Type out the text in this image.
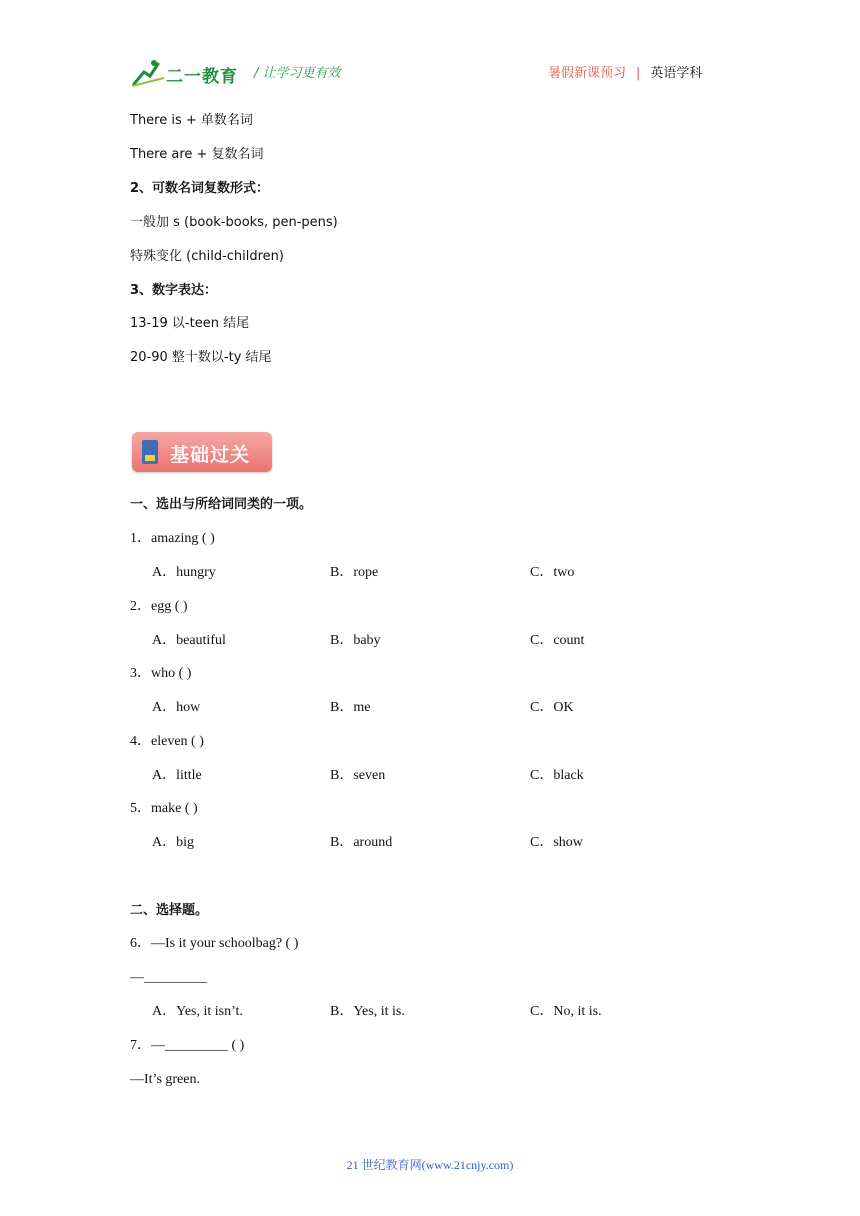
二一教育 / 让学习更有效	暑假新课预习 | 英语学科
There is + 单数名词
There are + 复数名词
2、可数名词复数形式：
一般加 s (book-books, pen-pens)
特殊变化 (child-children)
3、数字表达：
13-19 以-teen 结尾
20-90 整十数以-ty 结尾
基础过关
一、选出与所给词同类的一项。
1．amazing ( )
A．hungry	B．rope	C．two
2．egg ( )
A．beautiful	B．baby	C．count
3．who ( )
A．how	B．me	C．OK
4．eleven ( )
A．little	B．seven	C．black
5．make ( )
A．big	B．around	C．show
二、选择题。
6．—Is it your schoolbag? ( )
—_________
A．Yes, it isn’t.	B．Yes, it is.	C．No, it is.
7．—_________ ( )
—It’s green.
21 世纪教育网(www.21cnjy.com)
